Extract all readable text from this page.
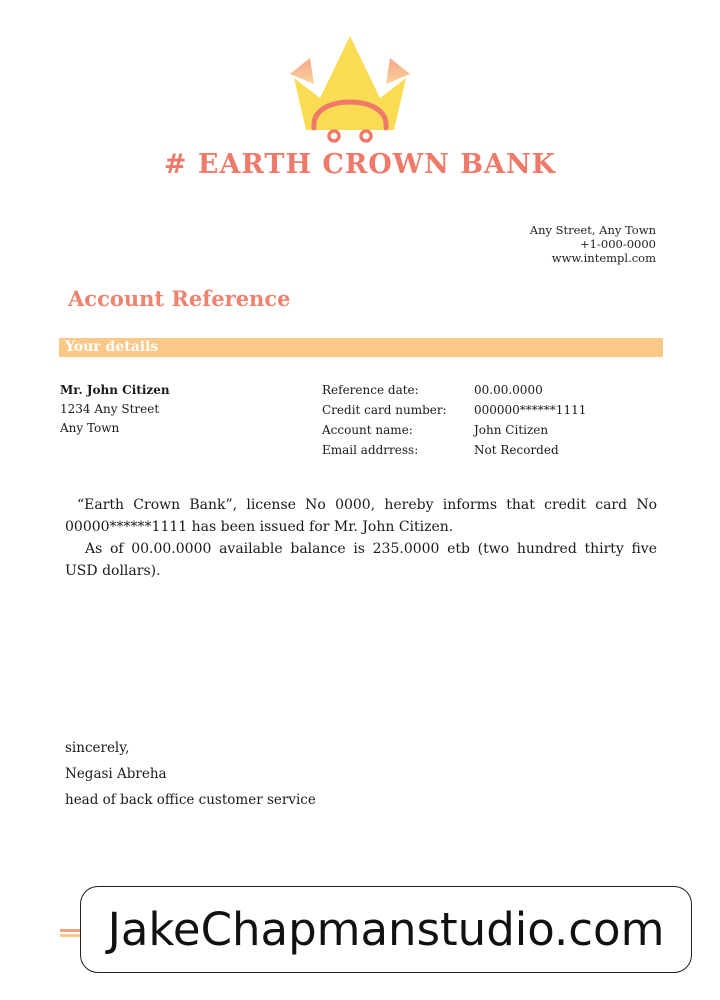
# EARTH CROWN BANK
Any Street, Any Town
+1-000-0000
www.intempl.com
Account Reference
Your details
Mr. John Citizen
1234 Any Street
Any Town
Reference date:	00.00.0000
Credit card number:	000000******1111
Account name:	John Citizen
Email addrress:	Not Recorded

“Earth Crown Bank”, license No 0000, hereby informs that credit card No 00000******1111 has been issued for Mr. John Citizen.

As of 00.00.0000 available balance is 235.0000 etb (two hundred thirty five USD dollars).

sincerely,
Negasi Abreha
head of back office customer service
JakeChapmanstudio.com
